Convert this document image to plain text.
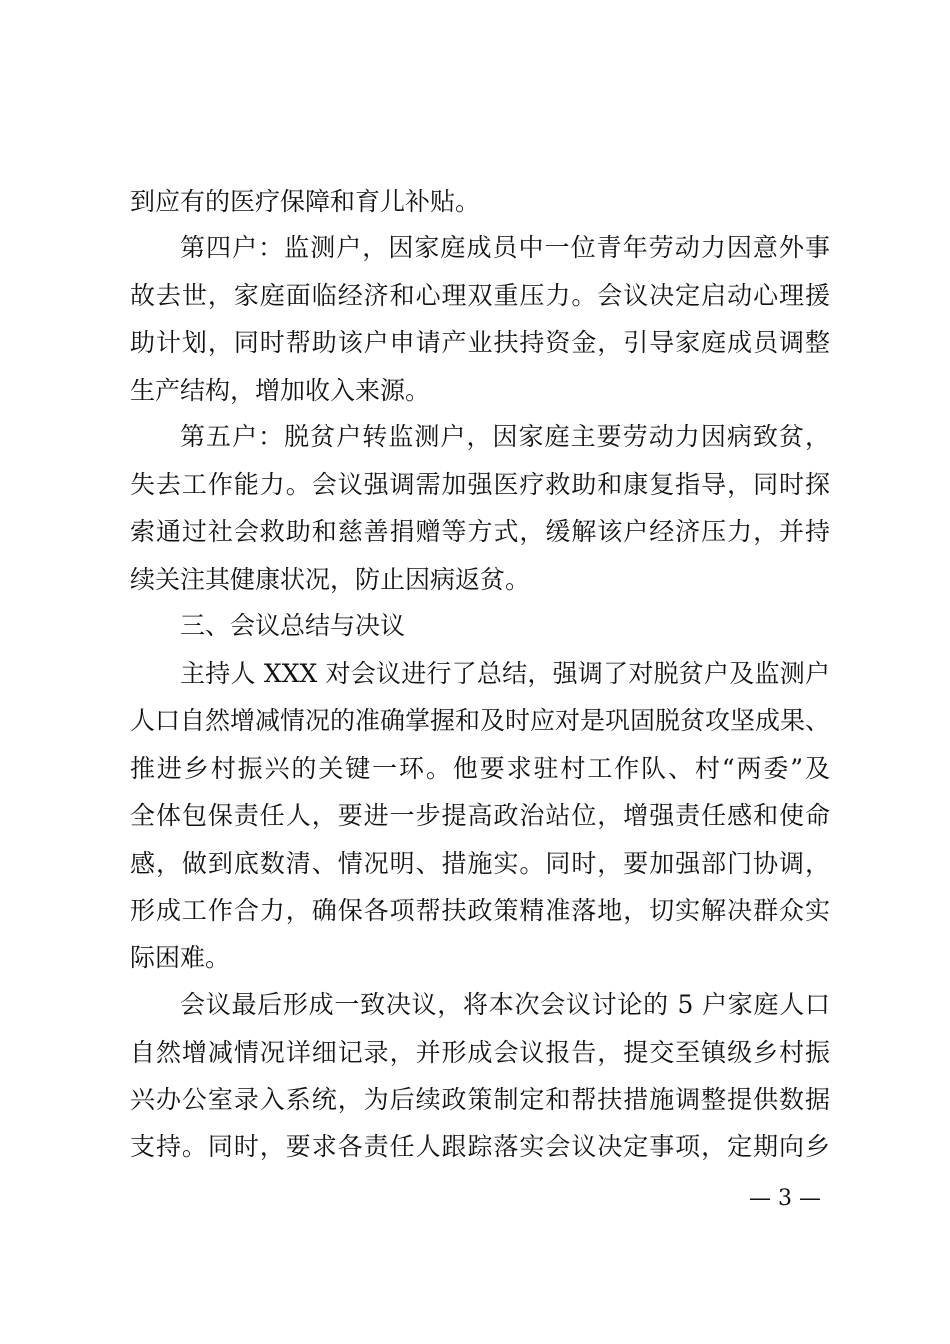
到应有的医疗保障和育儿补贴。
第四户：监测户，因家庭成员中一位青年劳动力因意外事
故去世，家庭面临经济和心理双重压力。会议决定启动心理援
助计划，同时帮助该户申请产业扶持资金，引导家庭成员调整
生产结构，增加收入来源。
第五户：脱贫户转监测户，因家庭主要劳动力因病致贫，
失去工作能力。会议强调需加强医疗救助和康复指导，同时探
索通过社会救助和慈善捐赠等方式，缓解该户经济压力，并持
续关注其健康状况，防止因病返贫。
三、会议总结与决议
主持人 XXX 对会议进行了总结，强调了对脱贫户及监测户
人口自然增减情况的准确掌握和及时应对是巩固脱贫攻坚成果、
推进乡村振兴的关键一环。他要求驻村工作队、村“两委”及
全体包保责任人，要进一步提高政治站位，增强责任感和使命
感，做到底数清、情况明、措施实。同时，要加强部门协调，
形成工作合力，确保各项帮扶政策精准落地，切实解决群众实
际困难。
会议最后形成一致决议，将本次会议讨论的 5 户家庭人口
自然增减情况详细记录，并形成会议报告，提交至镇级乡村振
兴办公室录入系统，为后续政策制定和帮扶措施调整提供数据
支持。同时，要求各责任人跟踪落实会议决定事项，定期向乡
— 3 —
